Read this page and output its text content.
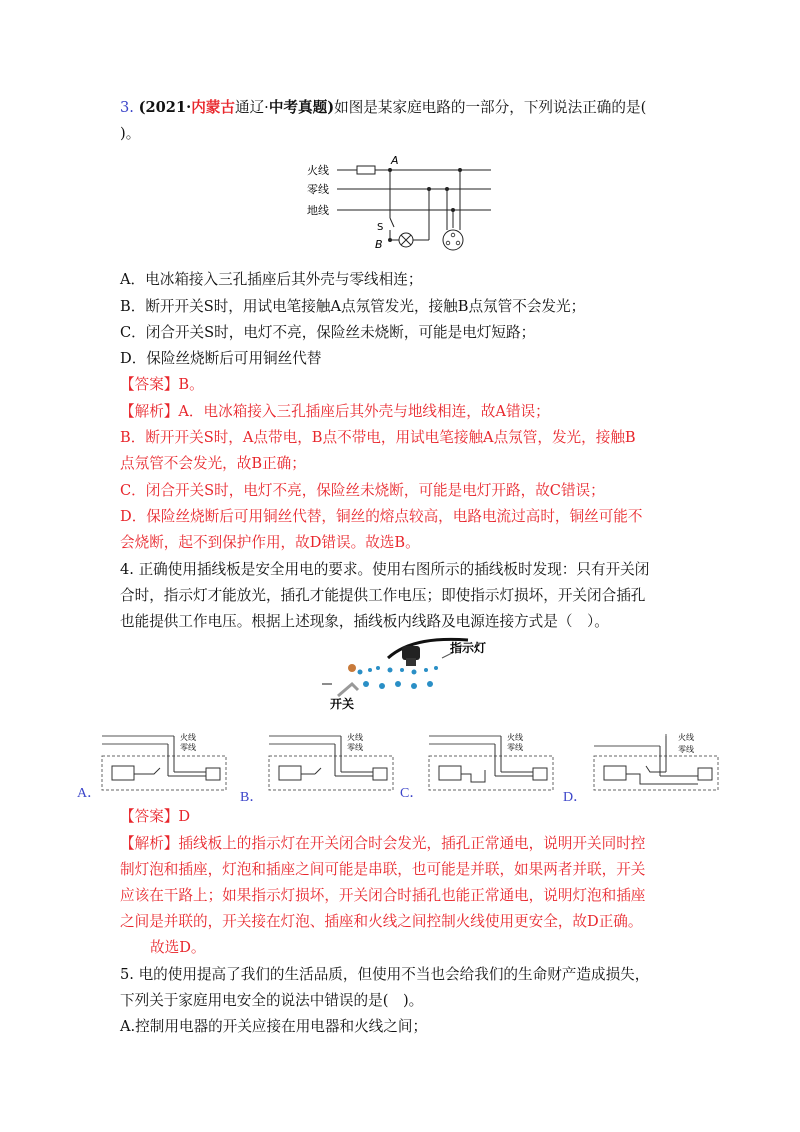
3. (2021·内蒙古通辽·中考真题)如图是某家庭电路的一部分，下列说法正确的是(
)。
火线
零线
地线
A
S
B
A．电冰箱接入三孔插座后其外壳与零线相连；
B．断开开关S时，用试电笔接触A点氖管发光，接触B点氖管不会发光；
C．闭合开关S时，电灯不亮，保险丝未烧断，可能是电灯短路；
D．保险丝烧断后可用铜丝代替
【答案】B。
【解析】A．电冰箱接入三孔插座后其外壳与地线相连，故A错误；
B．断开开关S时，A点带电，B点不带电，用试电笔接触A点氖管，发光，接触B
点氖管不会发光，故B正确；
C．闭合开关S时，电灯不亮，保险丝未烧断，可能是电灯开路，故C错误；
D．保险丝烧断后可用铜丝代替，铜丝的熔点较高，电路电流过高时，铜丝可能不
会烧断，起不到保护作用，故D错误。故选B。
4. 正确使用插线板是安全用电的要求。使用右图所示的插线板时发现：只有开关闭
合时，指示灯才能放光，插孔才能提供工作电压；即使指示灯损坏，开关闭合插孔
也能提供工作电压。根据上述现象，插线板内线路及电源连接方式是（　）。
指示灯
开关
A．	B．	C．	D．
火线
零线
火线
零线
火线
零线
火线
零线
【答案】D
【解析】插线板上的指示灯在开关闭合时会发光，插孔正常通电，说明开关同时控
制灯泡和插座，灯泡和插座之间可能是串联，也可能是并联，如果两者并联，开关
应该在干路上；如果指示灯损坏，开关闭合时插孔也能正常通电，说明灯泡和插座
之间是并联的，开关接在灯泡、插座和火线之间控制火线使用更安全，故D正确。
故选D。
5. 电的使用提高了我们的生活品质，但使用不当也会给我们的生命财产造成损失，
下列关于家庭用电安全的说法中错误的是(　)。
A.控制用电器的开关应接在用电器和火线之间；
